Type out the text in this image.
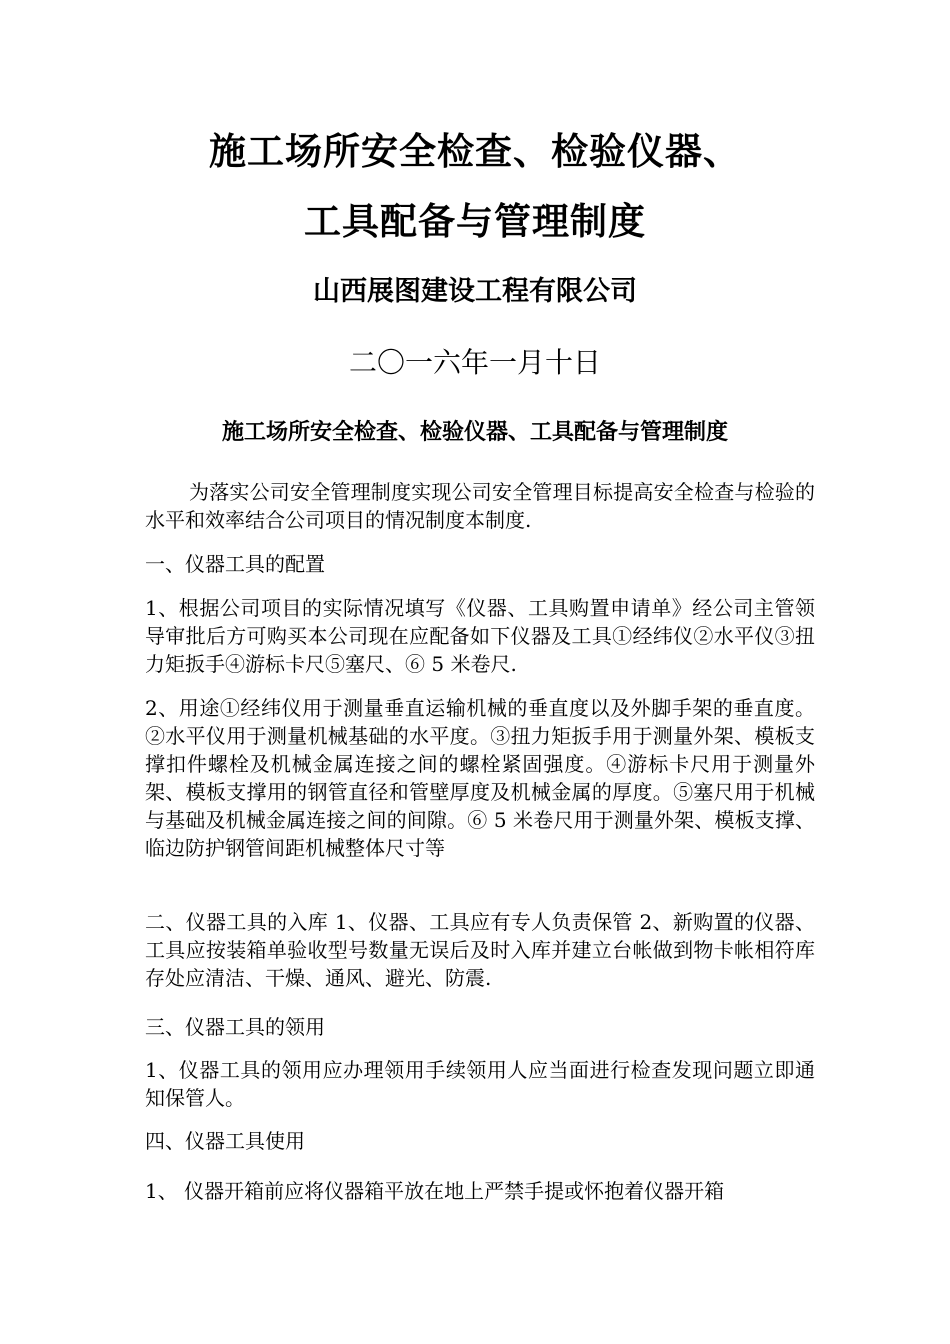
施工场所安全检查、检验仪器、
工具配备与管理制度
山西展图建设工程有限公司
二〇一六年一月十日
施工场所安全检查、检验仪器、工具配备与管理制度
为落实公司安全管理制度实现公司安全管理目标提高安全检查与检验的水平和效率结合公司项目的情况制度本制度.
一、仪器工具的配置
1、根据公司项目的实际情况填写《仪器、工具购置申请单》经公司主管领导审批后方可购买本公司现在应配备如下仪器及工具①经纬仪②水平仪③扭力矩扳手④游标卡尺⑤塞尺、⑥ 5 米卷尺.
2、用途①经纬仪用于测量垂直运输机械的垂直度以及外脚手架的垂直度。②水平仪用于测量机械基础的水平度。③扭力矩扳手用于测量外架、模板支撑扣件螺栓及机械金属连接之间的螺栓紧固强度。④游标卡尺用于测量外架、模板支撑用的钢管直径和管壁厚度及机械金属的厚度。⑤塞尺用于机械与基础及机械金属连接之间的间隙。⑥ 5 米卷尺用于测量外架、模板支撑、临边防护钢管间距机械整体尺寸等
二、仪器工具的入库 1、仪器、工具应有专人负责保管 2、新购置的仪器、工具应按装箱单验收型号数量无误后及时入库并建立台帐做到物卡帐相符库存处应清洁、干燥、通风、避光、防震.
三、仪器工具的领用
1、仪器工具的领用应办理领用手续领用人应当面进行检查发现问题立即通知保管人。
四、仪器工具使用
1、 仪器开箱前应将仪器箱平放在地上严禁手提或怀抱着仪器开箱
